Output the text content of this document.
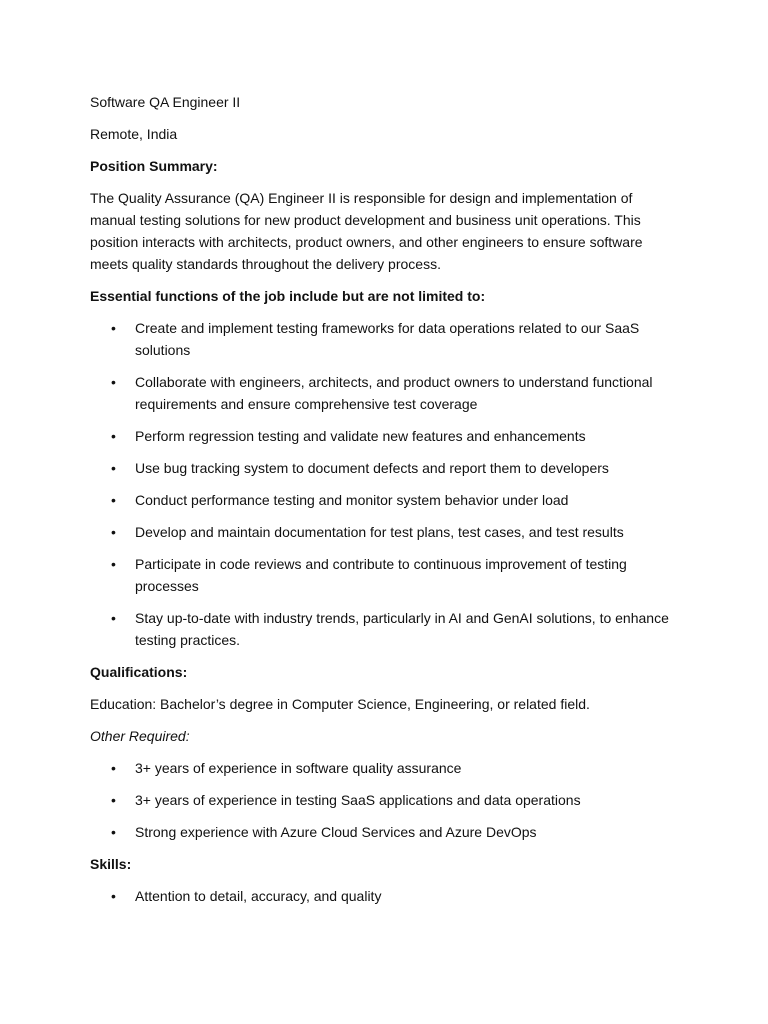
Software QA Engineer II

Remote, India

Position Summary:

The Quality Assurance (QA) Engineer II is responsible for design and implementation of manual testing solutions for new product development and business unit operations. This position interacts with architects, product owners, and other engineers to ensure software meets quality standards throughout the delivery process.

Essential functions of the job include but are not limited to:

• Create and implement testing frameworks for data operations related to our SaaS solutions
• Collaborate with engineers, architects, and product owners to understand functional requirements and ensure comprehensive test coverage
• Perform regression testing and validate new features and enhancements
• Use bug tracking system to document defects and report them to developers
• Conduct performance testing and monitor system behavior under load
• Develop and maintain documentation for test plans, test cases, and test results
• Participate in code reviews and contribute to continuous improvement of testing processes
• Stay up-to-date with industry trends, particularly in AI and GenAI solutions, to enhance testing practices.

Qualifications:

Education: Bachelor’s degree in Computer Science, Engineering, or related field.

Other Required:

• 3+ years of experience in software quality assurance
• 3+ years of experience in testing SaaS applications and data operations
• Strong experience with Azure Cloud Services and Azure DevOps

Skills:

• Attention to detail, accuracy, and quality
